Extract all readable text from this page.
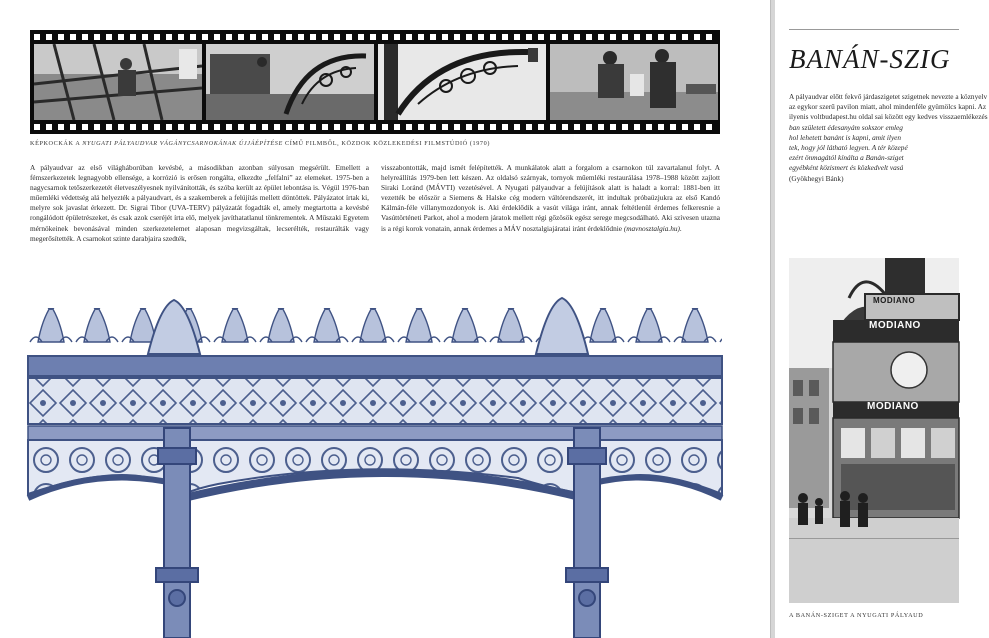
KÉPKOCKÁK A NYUGATI PÁLYAUDVAR VÁGÁNYCSARNOKÁNAK ÚJJÁÉPÍTÉSE CÍMŰ FILMBŐL, KÖZDOK KÖZLEKEDÉSI FILMSTÚDIÓ (1970)
A pályaudvar az első világháborúban kevésbé, a másodikban azonban súlyosan megsérült. Emellett a fémszerkezetek legnagyobb ellensége, a korrózió is erősen rongálta, elkezdte „felfalni” az elemeket. 1975-ben a nagycsarnok tetőszerkezetét életveszélyesnek nyilvánították, és szóba került az épület lebontása is. Végül 1976-ban műemléki védettség alá helyezték a pályaudvart, és a szakemberek a felújítás mellett döntöttek. Pályázatot írtak ki, melyre sok javaslat érkezett. Dr. Sigrai Tibor (UVA-TERV) pályázatát fogadták el, amely megtartotta a kevésbé rongálódott épületrészeket, és csak azok cseréjét írta elő, melyek javíthatatlanul tönkrementek. A Műszaki Egyetem mérnökeinek bevonásával minden szerkezetelemet alaposan megvizsgáltak, lecserélték, restaurálták vagy megerősítették. A csarnokot szinte darabjaira szedték,
visszabontották, majd ismét felépítették. A munkálatok alatt a forgalom a csarnokon túl zavartalanul folyt. A helyreállítás 1979-ben lett készen. Az oldalsó szárnyak, tornyok műemléki restaurálása 1978–1988 között zajlott Siraki Loránd (MÁVTI) vezetésével. A Nyugati pályaudvar a felújítások alatt is haladt a korral: 1881-ben itt vezették be először a Siemens & Halske cég modern váltórendszerét, itt indultak próbaüzjukra az első Kandó Kálmán-féle villanymozdonyok is. Aki érdeklődik a vasút világa iránt, annak feltétlenül érdemes felkeresnie a Vasúttörténeti Parkot, ahol a modern járatok mellett régi gőzösök egész serege megcsodálható. Aki szívesen utazna is a régi korok vonatain, annak érdemes a MÁV nosztalgiajáratai iránt érdeklődnie (mavnosztalgia.hu).
BANÁN-SZIG
A pályaudvar előtt fekvő járdaszigetet szigetnek nevezte a köznyelv az egykor szerű pavilon miatt, ahol mindenféle gyümölcs kapni. Az ilyenis voltbudapest.hu oldal sai között egy kedves visszaemlékezés
ban született édesanyám sokszor emleg
hol lehetett banánt is kapni, amit ilyen
tek, hogy jól látható legyen. A tér közepé
ezért önmagától kínálta a Banán-sziget
egyébként közismert és közkedvelt vasá
(Gyökhegyi Bánk)
MODIANO
MODIANO
MODIANO
A BANÁN-SZIGET A NYUGATI PÁLYAUD
